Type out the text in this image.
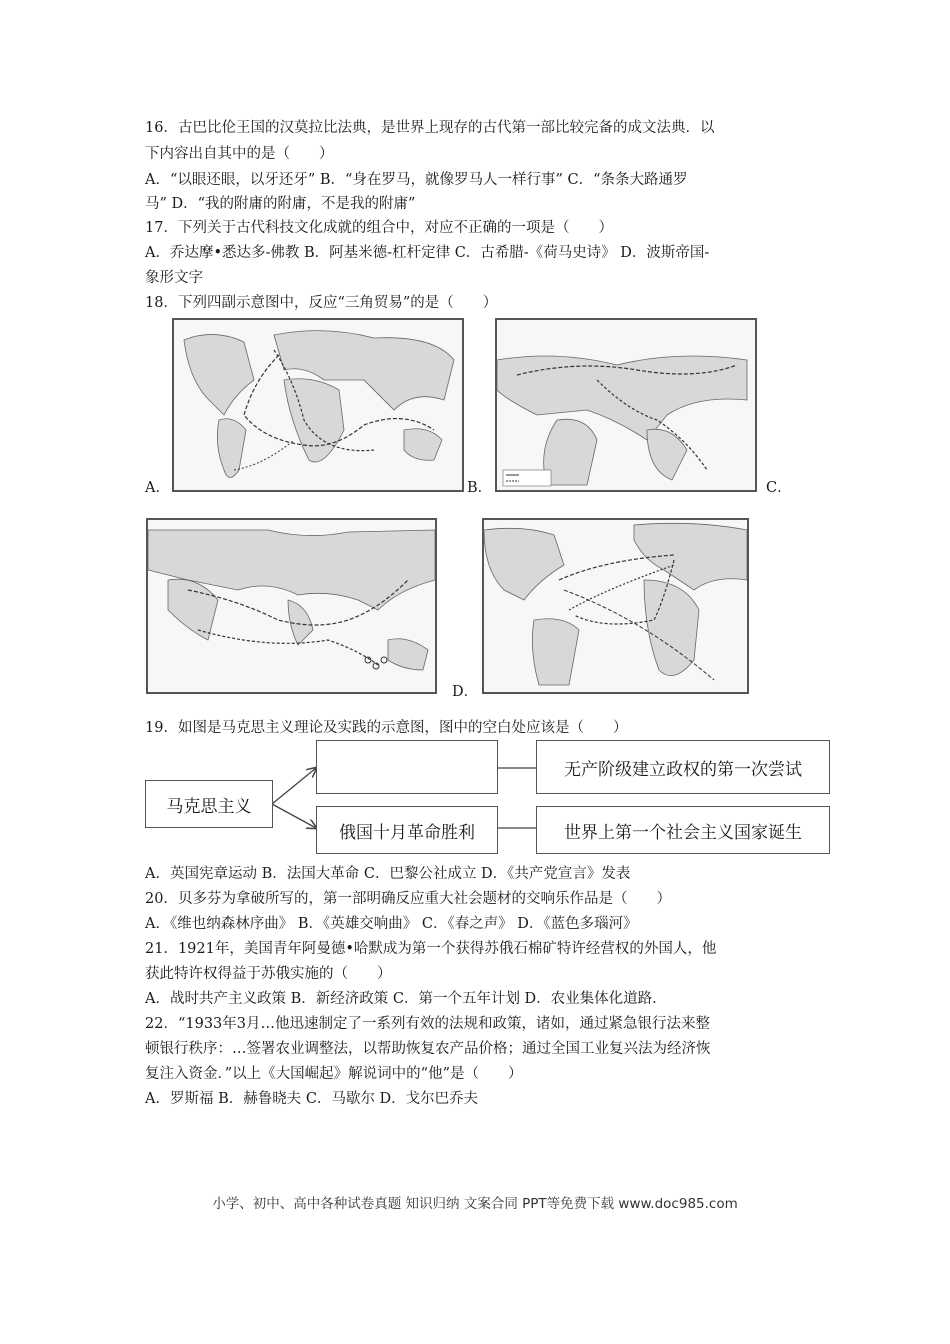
16．古巴比伦王国的汉莫拉比法典，是世界上现存的古代第一部比较完备的成文法典．以
下内容出自其中的是（　　）
A．“以眼还眼，以牙还牙” B．“身在罗马，就像罗马人一样行事” C．“条条大路通罗
马” D．“我的附庸的附庸，不是我的附庸”
17．下列关于古代科技文化成就的组合中，对应不正确的一项是（　　）
A．乔达摩•悉达多-佛教 B．阿基米德-杠杆定律 C．古希腊-《荷马史诗》 D．波斯帝国-
象形文字
18．下列四副示意图中，反应“三角贸易”的是（　　）
A．	B．	C．
D．
19．如图是马克思主义理论及实践的示意图，图中的空白处应该是（　　）
马克思主义
无产阶级建立政权的第一次尝试
俄国十月革命胜利	世界上第一个社会主义国家诞生
A．英国宪章运动 B．法国大革命 C．巴黎公社成立 D．《共产党宣言》发表
20．贝多芬为拿破所写的，第一部明确反应重大社会题材的交响乐作品是（　　）
A．《维也纳森林序曲》 B．《英雄交响曲》 C．《春之声》 D．《蓝色多瑙河》
21．1921年，美国青年阿曼德•哈默成为第一个获得苏俄石棉矿特许经营权的外国人，他
获此特许权得益于苏俄实施的（　　）
A．战时共产主义政策 B．新经济政策 C．第一个五年计划 D．农业集体化道路.
22．“1933年3月…他迅速制定了一系列有效的法规和政策，诸如，通过紧急银行法来整
顿银行秩序：…签署农业调整法，以帮助恢复农产品价格；通过全国工业复兴法为经济恢
复注入资金．”以上《大国崛起》解说词中的“他”是（　　）
A．罗斯福 B．赫鲁晓夫 C．马歇尔 D．戈尔巴乔夫
小学、初中、高中各种试卷真题 知识归纳 文案合同 PPT等免费下载 www.doc985.com
